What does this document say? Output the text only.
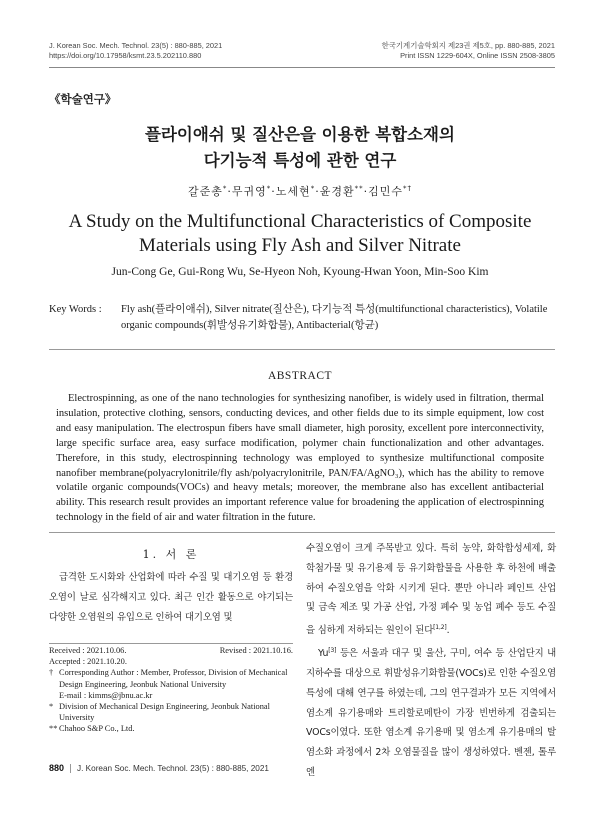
J. Korean Soc. Mech. Technol. 23(5) : 880-885, 2021
https://doi.org/10.17958/ksmt.23.5.202110.880
한국기계기술학회지 제23권 제5호, pp. 880-885, 2021
Print ISSN 1229-604X, Online ISSN 2508-3805
《학술연구》
플라이애쉬 및 질산은을 이용한 복합소재의
다기능적 특성에 관한 연구
갈준총*·무귀영*·노세현*·윤경환**·김민수*†
A Study on the Multifunctional Characteristics of Composite
Materials using Fly Ash and Silver Nitrate
Jun-Cong Ge, Gui-Rong Wu, Se-Hyeon Noh, Kyoung-Hwan Yoon, Min-Soo Kim
Key Words : Fly ash(플라이애쉬), Silver nitrate(질산은), 다기능적 특성(multifunctional characteristics), Volatile organic compounds(휘발성유기화합물), Antibacterial(항균)
ABSTRACT
Electrospinning, as one of the nano technologies for synthesizing nanofiber, is widely used in filtration, thermal insulation, protective clothing, sensors, conducting devices, and other fields due to its simple equipment, low cost and easy manipulation. The electrospun fibers have small diameter, high porosity, excellent pore interconnectivity, large specific surface area, easy surface modification, polymer chain functionalization and other advantages. Therefore, in this study, electrospinning technology was employed to synthesize multifunctional composite nanofiber membrane(polyacrylonitrile/fly ash/polyacrylonitrile, PAN/FA/AgNO₃), which has the ability to remove volatile organic compounds(VOCs) and heavy metals; moreover, the membrane also has excellent antibacterial ability. This research result provides an important reference value for broadening the application of electrospinning technology in the field of air and water filtration in the future.
1. 서 론
급격한 도시화와 산업화에 따라 수질 및 대기오염 등 환경오염이 날로 심각해지고 있다. 최근 인간 활동으로 야기되는 다양한 오염원의 유입으로 인하여 대기오염 및
Received : 2021.10.06.	Revised : 2021.10.16.
Accepted : 2021.10.20.
† Corresponding Author : Member, Professor, Division of Mechanical Design Engineering, Jeonbuk National University
E-mail : kimms@jbnu.ac.kr
* Division of Mechanical Design Engineering, Jeonbuk National University
** Chahoo S&P Co., Ltd.

수질오염이 크게 주목받고 있다. 특히 농약, 화학합성세제, 화학첨가물 및 유기용제 등 유기화합물을 사용한 후 하천에 배출하여 수질오염을 악화 시키게 된다. 뿐만 아니라 페인트 산업 및 금속 제조 및 가공 산업, 가정 폐수 및 농업 폐수 등도 수질을 심하게 저하되는 원인이 된다[1,2].

Yu[3] 등은 서울과 대구 및 울산, 구미, 여수 등 산업단지 내 지하수를 대상으로 휘발성유기화합물(VOCs)로 인한 수질오염 특성에 대해 연구를 하였는데, 그의 연구결과가 모든 지역에서 염소계 유기용매와 트리할로메탄이 가장 빈번하게 검출되는 VOCs이였다. 또한 염소계 유기용매 및 염소계 유기용매의 탈염소화 과정에서 2차 오염물질을 많이 생성하였다. 벤젠, 톨루엔

880 J. Korean Soc. Mech. Technol. 23(5) : 880-885, 2021
